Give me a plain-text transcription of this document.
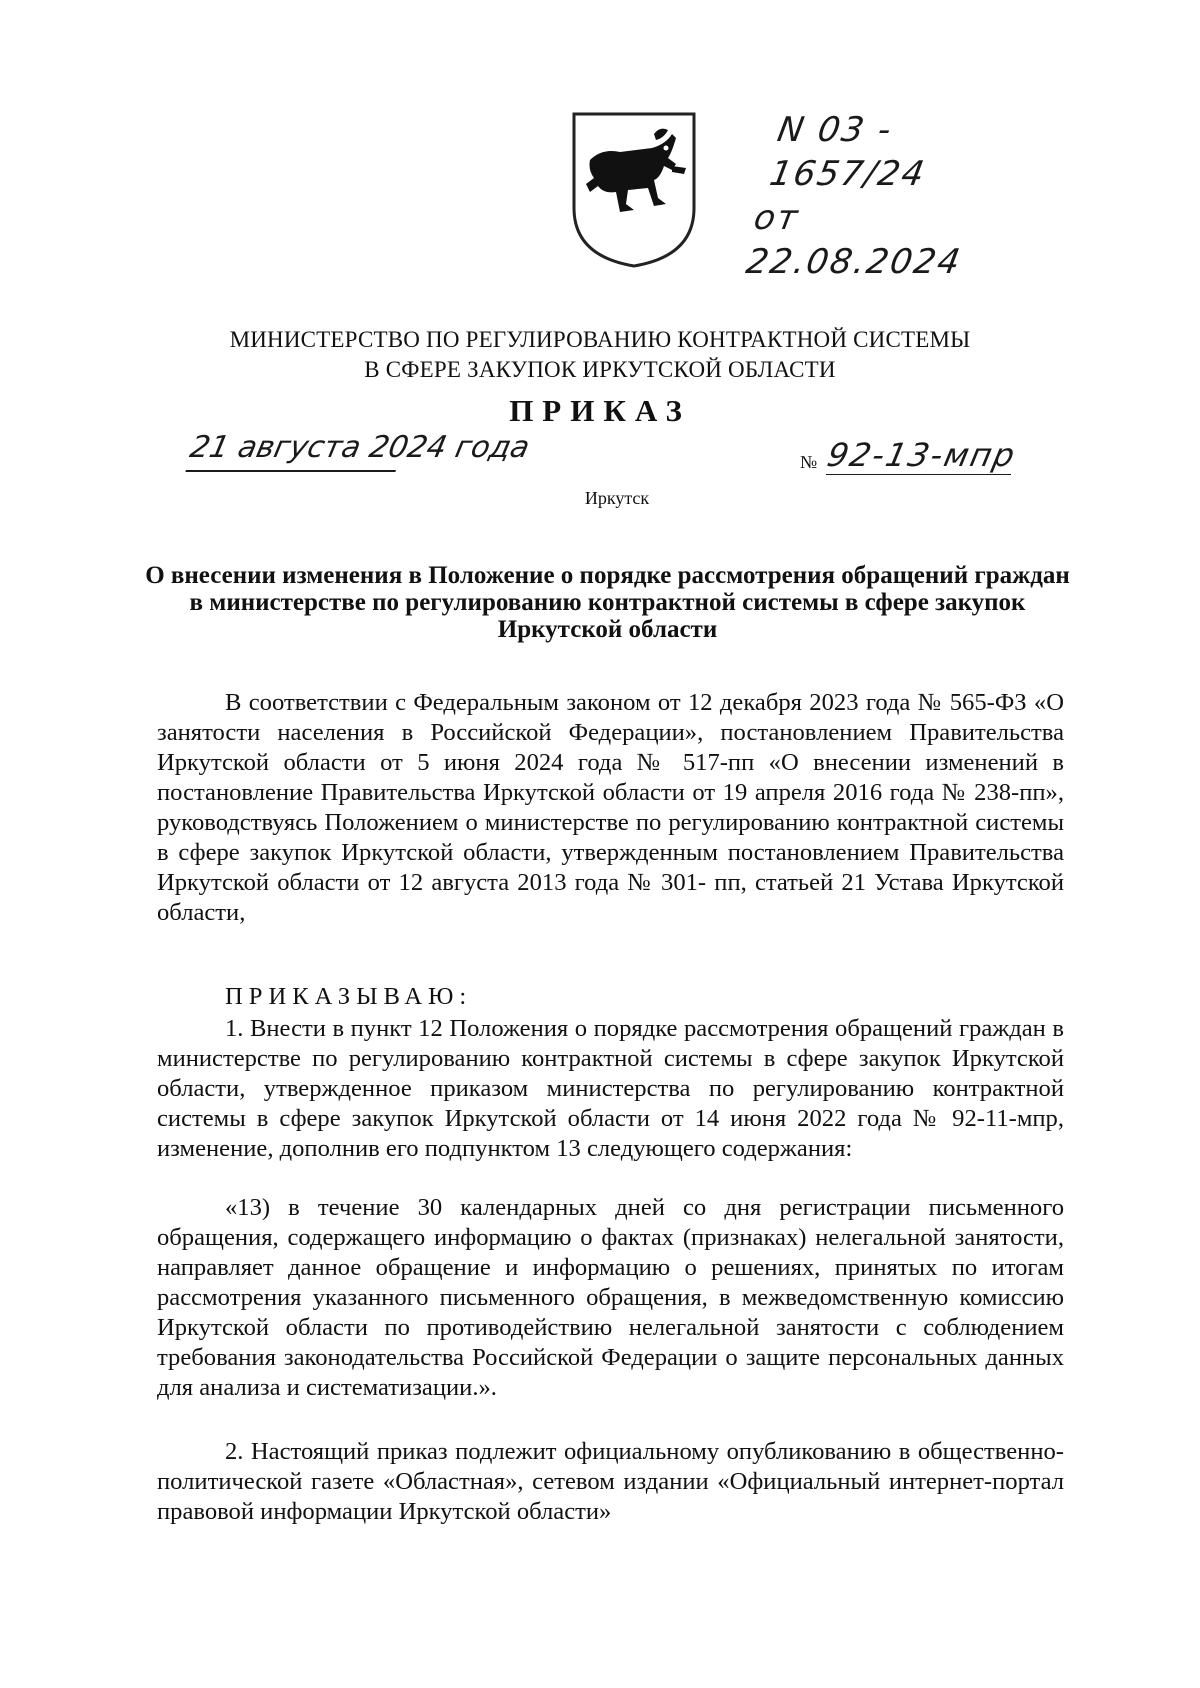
N 03 - 1657/24
от 22.08.2024
МИНИСТЕРСТВО ПО РЕГУЛИРОВАНИЮ КОНТРАКТНОЙ СИСТЕМЫ
В СФЕРЕ ЗАКУПОК ИРКУТСКОЙ ОБЛАСТИ
ПРИКАЗ
21 августа 2024 года	№ 92-13-мпр
Иркутск
О внесении изменения в Положение о порядке рассмотрения обращений граждан в министерстве по регулированию контрактной системы в сфере закупок Иркутской области

В соответствии с Федеральным законом от 12 декабря 2023 года № 565-ФЗ «О занятости населения в Российской Федерации», постановлением Правительства Иркутской области от 5 июня 2024 года № 517-пп «О внесении изменений в постановление Правительства Иркутской области от 19 апреля 2016 года № 238-пп», руководствуясь Положением о министерстве по регулированию контрактной системы в сфере закупок Иркутской области, утвержденным постановлением Правительства Иркутской области от 12 августа 2013 года № 301- пп, статьей 21 Устава Иркутской области,

ПРИКАЗЫВАЮ:

1. Внести в пункт 12 Положения о порядке рассмотрения обращений граждан в министерстве по регулированию контрактной системы в сфере закупок Иркутской области, утвержденное приказом министерства по регулированию контрактной системы в сфере закупок Иркутской области от 14 июня 2022 года № 92-11-мпр, изменение, дополнив его подпунктом 13 следующего содержания:

«13) в течение 30 календарных дней со дня регистрации письменного обращения, содержащего информацию о фактах (признаках) нелегальной занятости, направляет данное обращение и информацию о решениях, принятых по итогам рассмотрения указанного письменного обращения, в межведомственную комиссию Иркутской области по противодействию нелегальной занятости с соблюдением требования законодательства Российской Федерации о защите персональных данных для анализа и систематизации.».

2. Настоящий приказ подлежит официальному опубликованию в общественно-политической газете «Областная», сетевом издании «Официальный интернет-портал правовой информации Иркутской области»
